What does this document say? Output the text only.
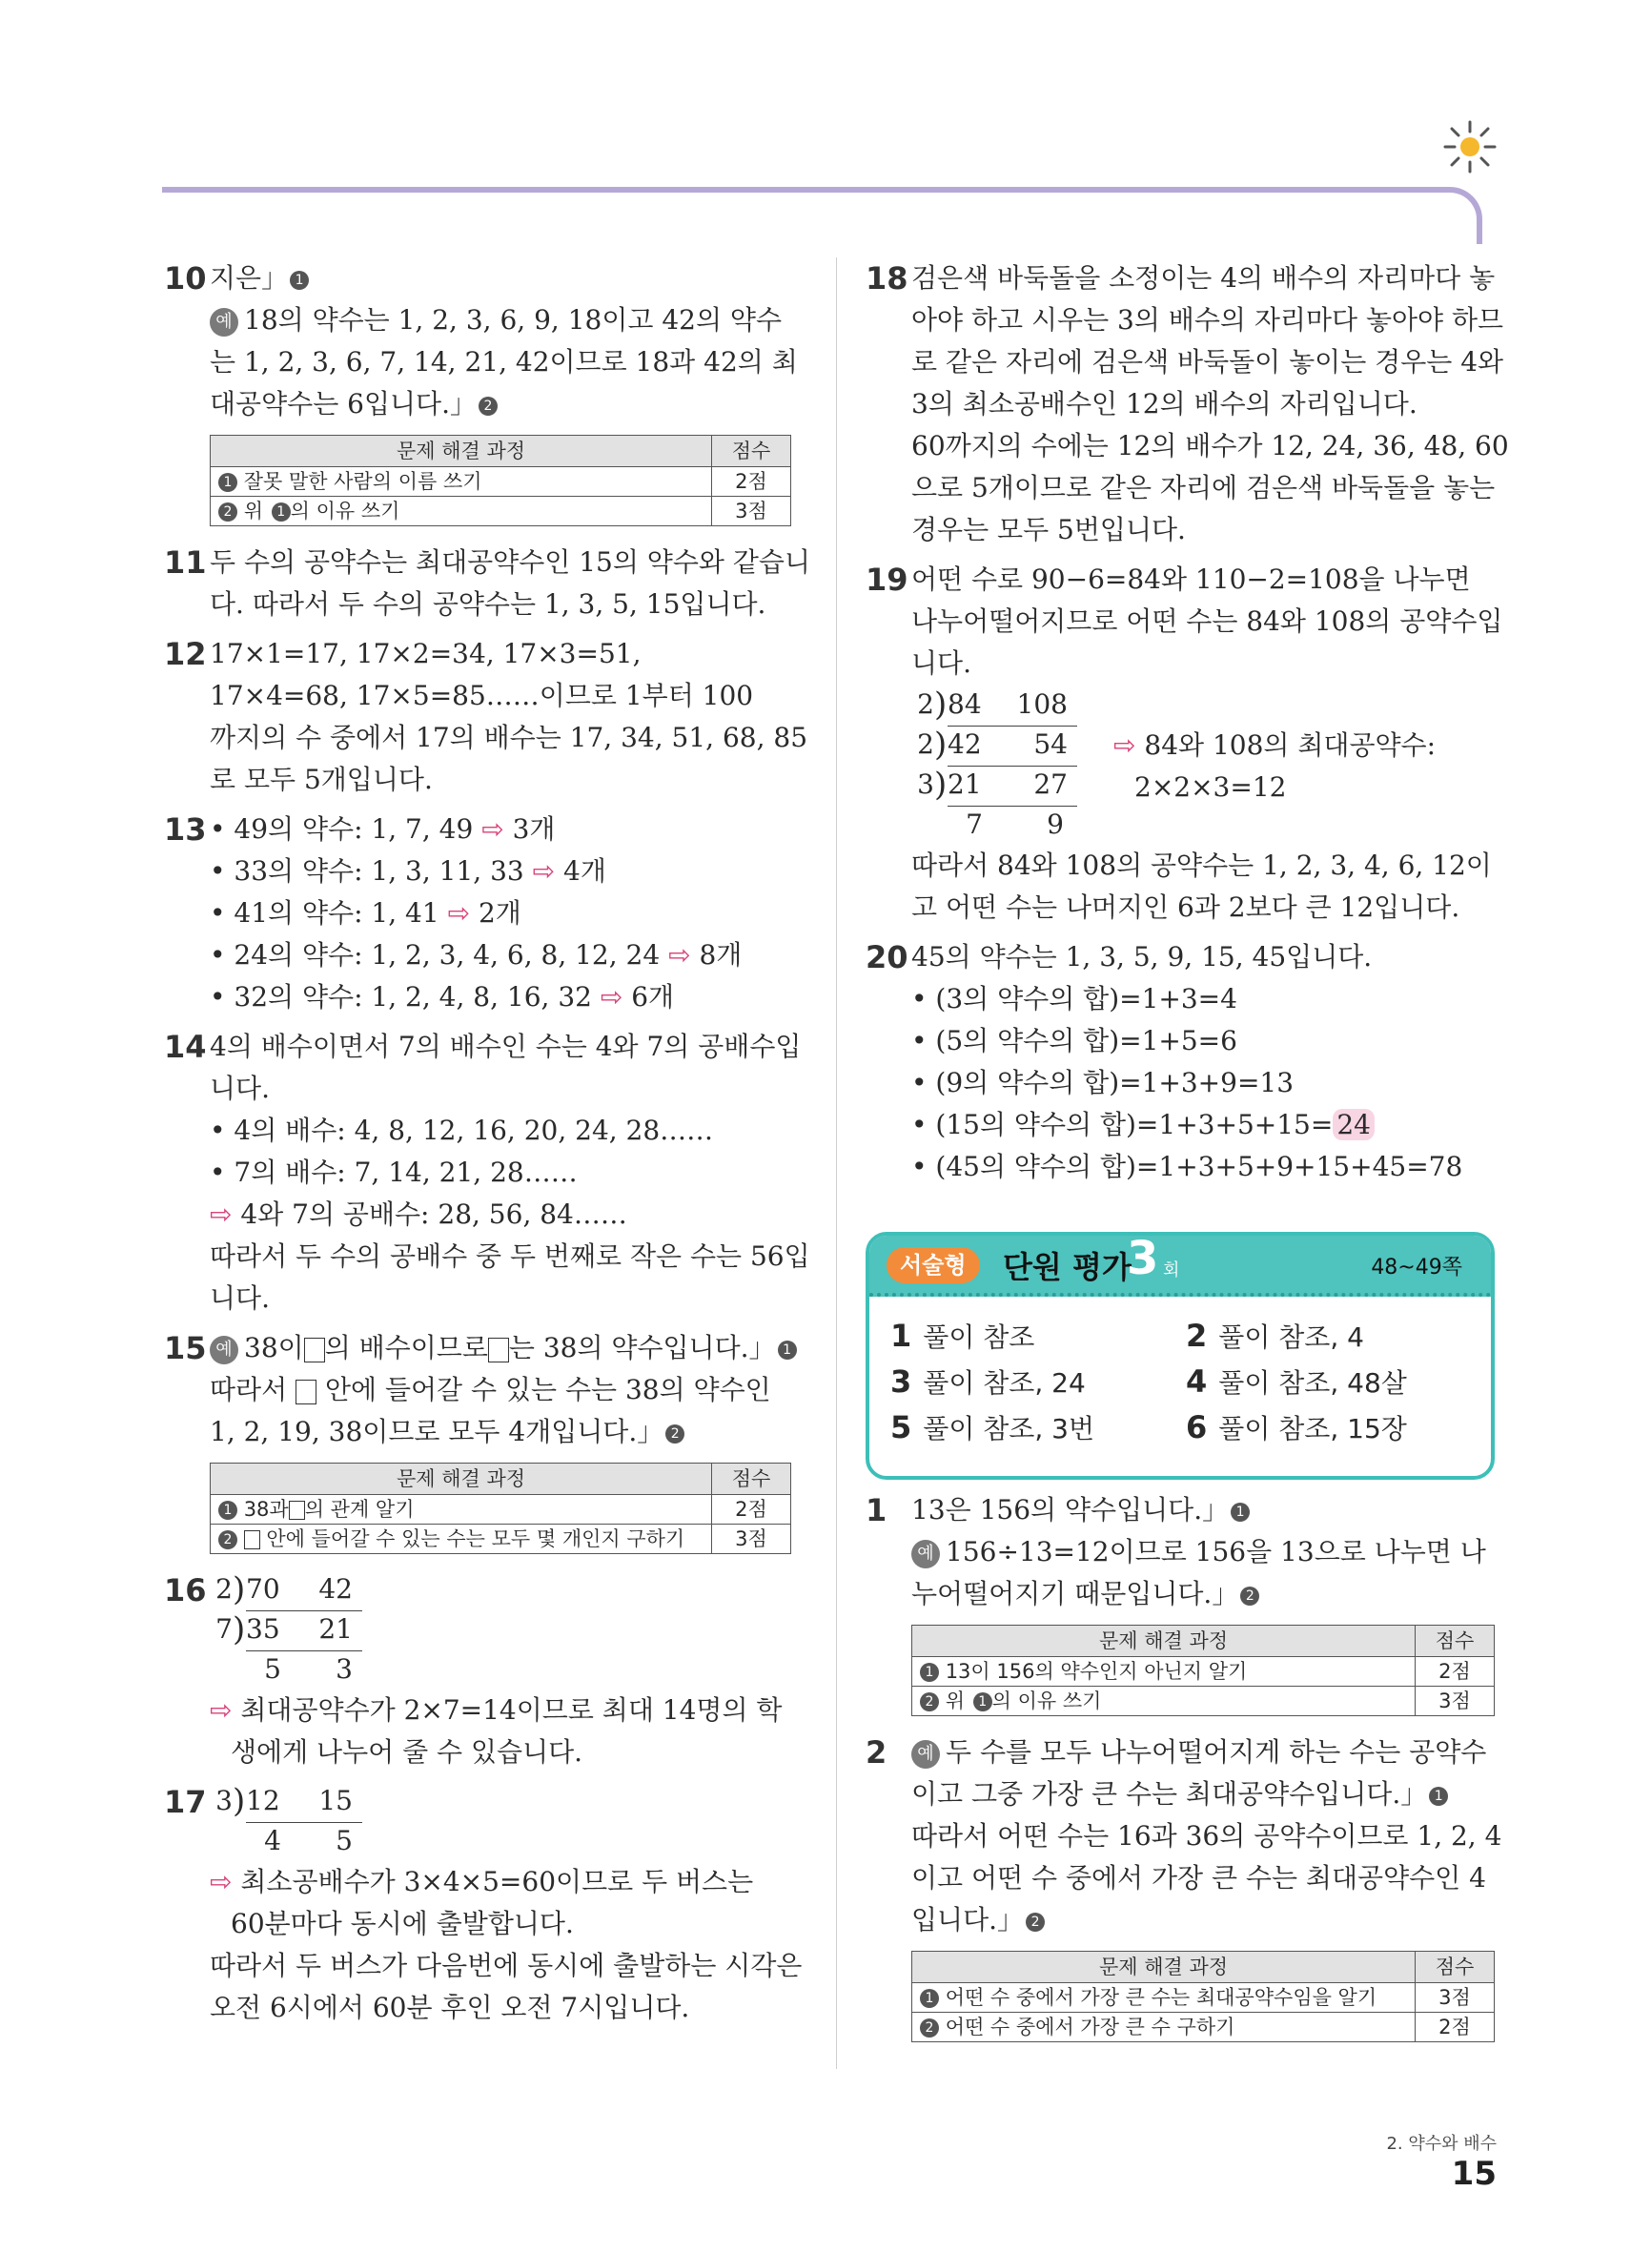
10 지은」 1
예 18의 약수는 1, 2, 3, 6, 9, 18이고 42의 약수
는 1, 2, 3, 6, 7, 14, 21, 42이므로 18과 42의 최
대공약수는 6입니다.」 2
문제 해결 과정	점수
1 잘못 말한 사람의 이름 쓰기	2점
2 위 1 의 이유 쓰기	3점
11 두 수의 공약수는 최대공약수인 15의 약수와 같습니
다. 따라서 두 수의 공약수는 1, 3, 5, 15입니다.
12 17×1=17, 17×2=34, 17×3=51,
17×4=68, 17×5=85……이므로 1부터 100
까지의 수 중에서 17의 배수는 17, 34, 51, 68, 85
로 모두 5개입니다.
13 • 49의 약수: 1, 7, 49 ⇨ 3개
• 33의 약수: 1, 3, 11, 33 ⇨ 4개
• 41의 약수: 1, 41 ⇨ 2개
• 24의 약수: 1, 2, 3, 4, 6, 8, 12, 24 ⇨ 8개
• 32의 약수: 1, 2, 4, 8, 16, 32 ⇨ 6개
14 4의 배수이면서 7의 배수인 수는 4와 7의 공배수입
니다.
• 4의 배수: 4, 8, 12, 16, 20, 24, 28……
• 7의 배수: 7, 14, 21, 28……
⇨ 4와 7의 공배수: 28, 56, 84……
따라서 두 수의 공배수 중 두 번째로 작은 수는 56입
니다.
15 예 38이 의 배수이므로 는 38의 약수입니다.」 1
따라서 안에 들어갈 수 있는 수는 38의 약수인
1, 2, 19, 38이므로 모두 4개입니다.」 2
문제 해결 과정	점수
1 38과 의 관계 알기	2점
2 안에 들어갈 수 있는 수는 모두 몇 개인지 구하기	3점
16 2 ) 70 42
7 ) 35 21
5 3
⇨ 최대공약수가 2×7=14이므로 최대 14명의 학
생에게 나누어 줄 수 있습니다.
17 3 ) 12 15
4 5
⇨ 최소공배수가 3×4×5=60이므로 두 버스는
60분마다 동시에 출발합니다.
따라서 두 버스가 다음번에 동시에 출발하는 시각은
오전 6시에서 60분 후인 오전 7시입니다.
18 검은색 바둑돌을 소정이는 4의 배수의 자리마다 놓
아야 하고 시우는 3의 배수의 자리마다 놓아야 하므
로 같은 자리에 검은색 바둑돌이 놓이는 경우는 4와
3의 최소공배수인 12의 배수의 자리입니다.
60까지의 수에는 12의 배수가 12, 24, 36, 48, 60
으로 5개이므로 같은 자리에 검은색 바둑돌을 놓는
경우는 모두 5번입니다.
19 어떤 수로 90−6=84와 110−2=108을 나누면
나누어떨어지므로 어떤 수는 84와 108의 공약수입
니다.
2 ) 84 108
2 ) 42 54
3 ) 21 27
7 9
⇨ 84와 108의 최대공약수:
2×2×3=12
따라서 84와 108의 공약수는 1, 2, 3, 4, 6, 12이
고 어떤 수는 나머지인 6과 2보다 큰 12입니다.
20 45의 약수는 1, 3, 5, 9, 15, 45입니다.
• (3의 약수의 합)=1+3=4
• (5의 약수의 합)=1+5=6
• (9의 약수의 합)=1+3+9=13
• (15의 약수의 합)=1+3+5+15= 24
• (45의 약수의 합)=1+3+5+9+15+45=78
서술형	단원 평가
3 회	48~49쪽
1 풀이 참조	2 풀이 참조, 4
3 풀이 참조, 24	4 풀이 참조, 48살
5 풀이 참조, 3번	6 풀이 참조, 15장
1 13은 156의 약수입니다.」 1
예 156÷13=12이므로 156을 13으로 나누면 나
누어떨어지기 때문입니다.」 2
문제 해결 과정	점수
1 13이 156의 약수인지 아닌지 알기	2점
2 위 1 의 이유 쓰기	3점
2	예 두 수를 모두 나누어떨어지게 하는 수는 공약수
이고 그중 가장 큰 수는 최대공약수입니다.」 1
따라서 어떤 수는 16과 36의 공약수이므로 1, 2, 4
이고 어떤 수 중에서 가장 큰 수는 최대공약수인 4
입니다.」 2
문제 해결 과정	점수
1 어떤 수 중에서 가장 큰 수는 최대공약수임을 알기	3점
2 어떤 수 중에서 가장 큰 수 구하기	2점
2. 약수와 배수15
